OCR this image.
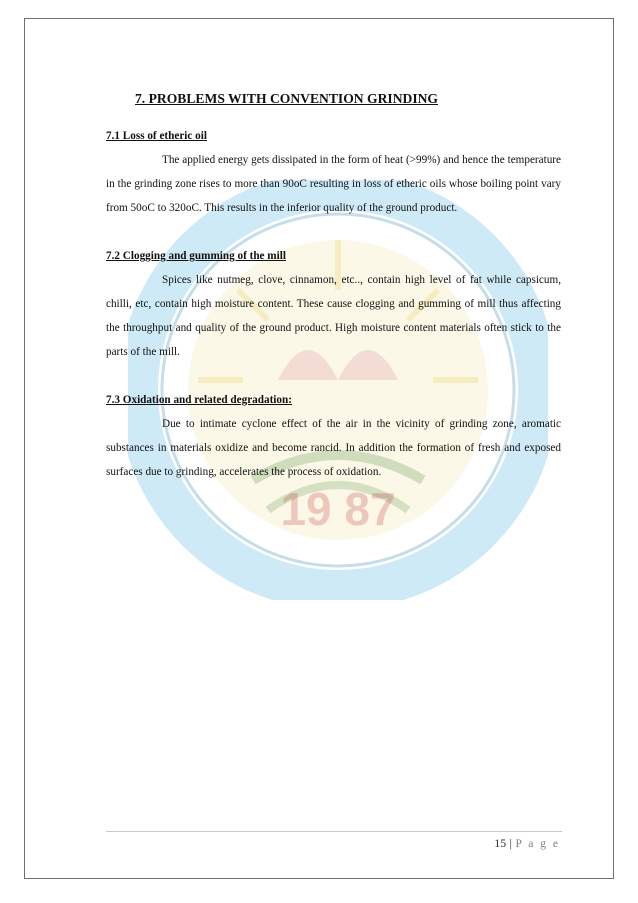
19 87
7. PROBLEMS WITH CONVENTION GRINDING

7.1 Loss of etheric oil

The applied energy gets dissipated in the form of heat (>99%) and hence the temperature in the grinding zone rises to more than 90oC resulting in loss of etheric oils whose boiling point vary from 50oC to 320oC. This results in the inferior quality of the ground product.

7.2 Clogging and gumming of the mill

Spices like nutmeg, clove, cinnamon, etc.., contain high level of fat while capsicum, chilli, etc, contain high moisture content. These cause clogging and gumming of mill thus affecting the throughput and quality of the ground product. High moisture content materials often stick to the parts of the mill.

7.3 Oxidation and related degradation:

Due to intimate cyclone effect of the air in the vicinity of grinding zone, aromatic substances in materials oxidize and become rancid. In addition the formation of fresh and exposed surfaces due to grinding, accelerates the process of oxidation.

15 | P a g e
